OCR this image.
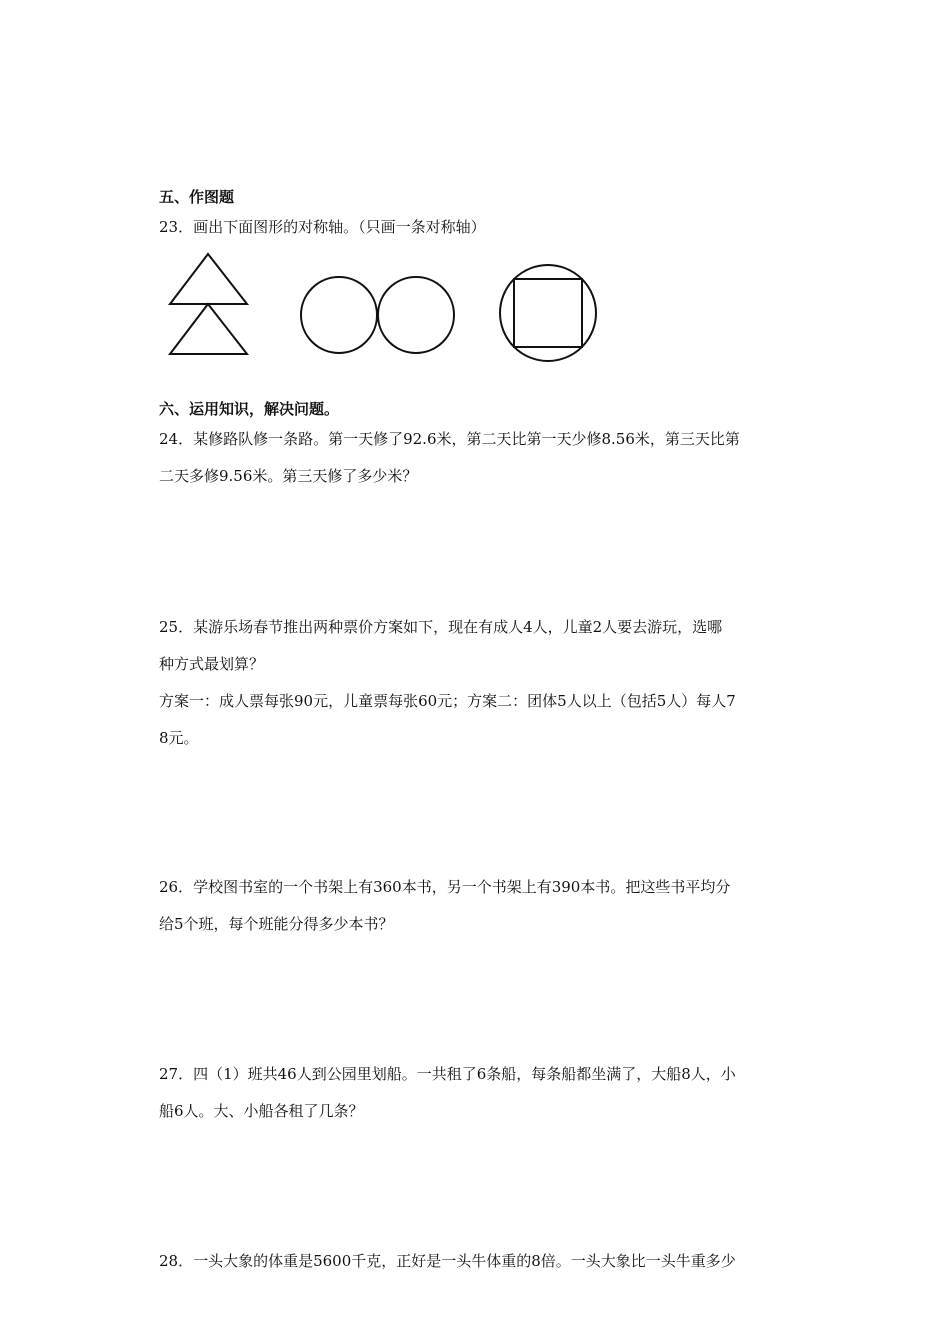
五、作图题
23．画出下面图形的对称轴。（只画一条对称轴）
六、运用知识，解决问题。
24．某修路队修一条路。第一天修了92.6米，第二天比第一天少修8.56米，第三天比第
二天多修9.56米。第三天修了多少米？
25．某游乐场春节推出两种票价方案如下，现在有成人4人，儿童2人要去游玩，选哪
种方式最划算？
方案一：成人票每张90元，儿童票每张60元；方案二：团体5人以上（包括5人）每人7
8元。
26．学校图书室的一个书架上有360本书，另一个书架上有390本书。把这些书平均分
给5个班，每个班能分得多少本书？
27．四（1）班共46人到公园里划船。一共租了6条船，每条船都坐满了，大船8人，小
船6人。大、小船各租了几条？
28．一头大象的体重是5600千克，正好是一头牛体重的8倍。一头大象比一头牛重多少
